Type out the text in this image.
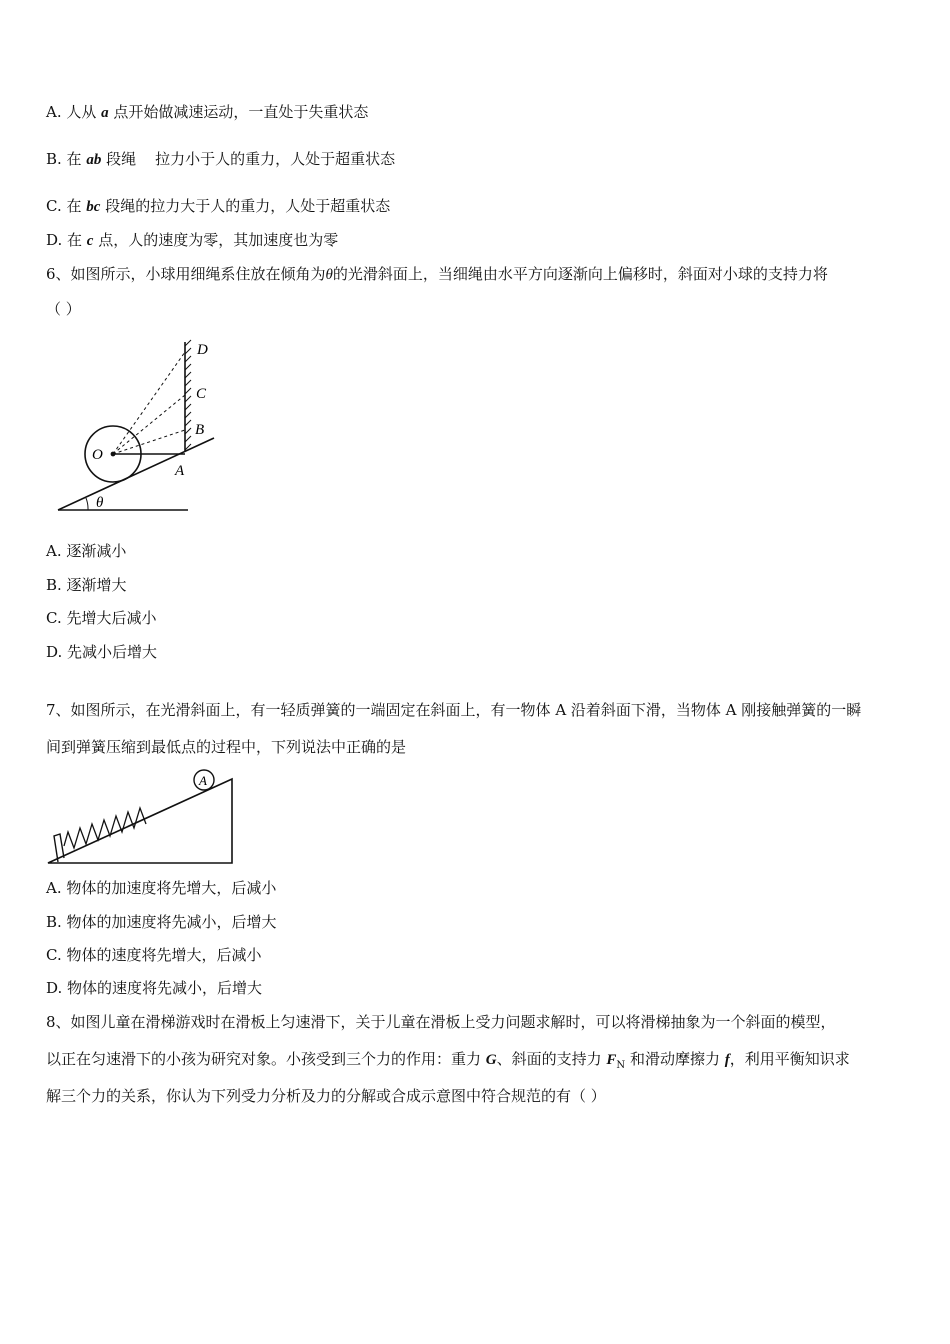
A. 人从 a 点开始做减速运动，一直处于失重状态
B. 在 ab 段绳    拉力小于人的重力，人处于超重状态
C. 在 bc 段绳的拉力大于人的重力，人处于超重状态
D. 在 c 点，人的速度为零，其加速度也为零
6、如图所示，小球用细绳系住放在倾角为θ的光滑斜面上，当细绳由水平方向逐渐向上偏移时，斜面对小球的支持力将
（ ）
θ
O
A
B
C
D
A. 逐渐减小
B. 逐渐增大
C. 先增大后减小
D. 先减小后增大
7、如图所示，在光滑斜面上，有一轻质弹簧的一端固定在斜面上，有一物体 A 沿着斜面下滑，当物体 A 刚接触弹簧的一瞬
间到弹簧压缩到最低点的过程中，下列说法中正确的是
A
A. 物体的加速度将先增大，后减小
B. 物体的加速度将先减小，后增大
C. 物体的速度将先增大，后减小
D. 物体的速度将先减小，后增大
8、如图儿童在滑梯游戏时在滑板上匀速滑下，关于儿童在滑板上受力问题求解时，可以将滑梯抽象为一个斜面的模型，
以正在匀速滑下的小孩为研究对象。小孩受到三个力的作用：重力 G、斜面的支持力 $F_N$ 和滑动摩擦力 f，利用平衡知识求
解三个力的关系，你认为下列受力分析及力的分解或合成示意图中符合规范的有（ ）
